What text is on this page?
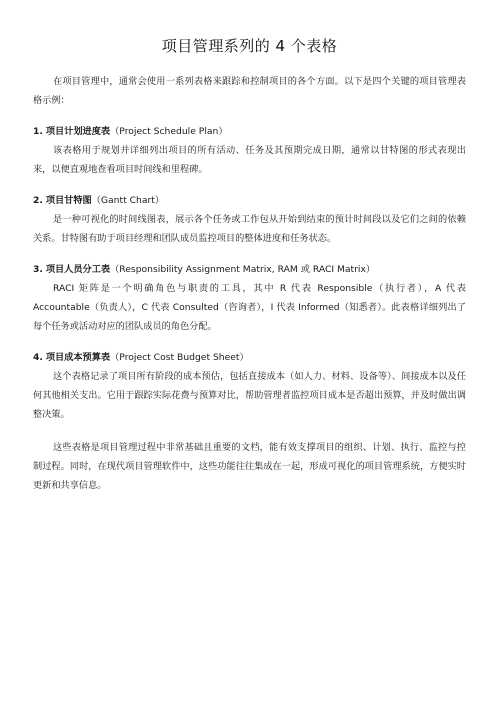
项目管理系列的 4 个表格

在项目管理中，通常会使用一系列表格来跟踪和控制项目的各个方面。以下是四个关键的项目管理表格示例：

1. 项目计划进度表（Project Schedule Plan）

该表格用于规划并详细列出项目的所有活动、任务及其预期完成日期，通常以甘特图的形式表现出来，以便直观地查看项目时间线和里程碑。

2. 项目甘特图（Gantt Chart）

是一种可视化的时间线图表，展示各个任务或工作包从开始到结束的预计时间段以及它们之间的依赖关系。甘特图有助于项目经理和团队成员监控项目的整体进度和任务状态。

3. 项目人员分工表（Responsibility Assignment Matrix, RAM 或 RACI Matrix）

RACI 矩阵是一个明确角色与职责的工具，其中 R 代表 Responsible（执行者），A 代表 Accountable（负责人），C 代表 Consulted（咨询者），I 代表 Informed（知悉者）。此表格详细列出了每个任务或活动对应的团队成员的角色分配。

4. 项目成本预算表（Project Cost Budget Sheet）

这个表格记录了项目所有阶段的成本预估，包括直接成本（如人力、材料、设备等）、间接成本以及任何其他相关支出。它用于跟踪实际花费与预算对比，帮助管理者监控项目成本是否超出预算，并及时做出调整决策。

这些表格是项目管理过程中非常基础且重要的文档，能有效支撑项目的组织、计划、执行、监控与控制过程。同时，在现代项目管理软件中，这些功能往往集成在一起，形成可视化的项目管理系统，方便实时更新和共享信息。
